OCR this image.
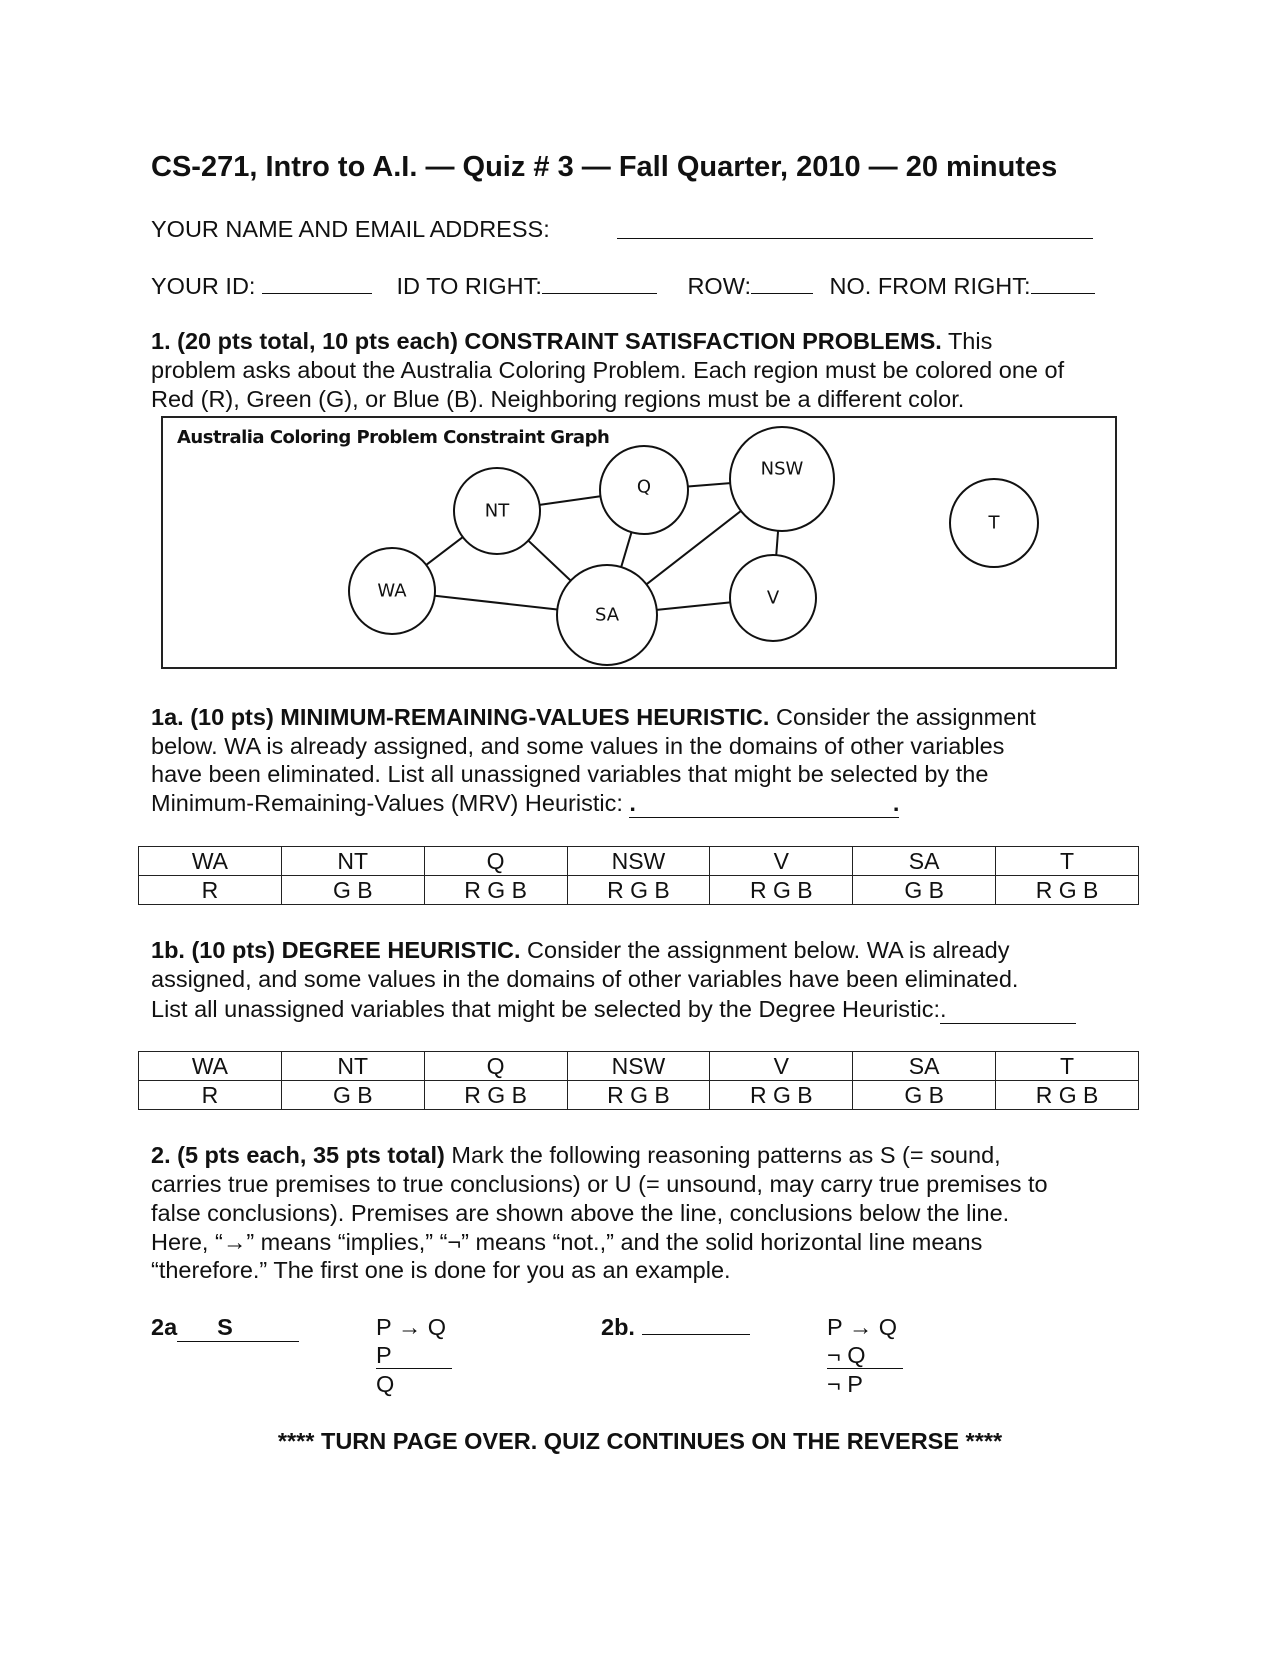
CS-271, Intro to A.I. — Quiz # 3 — Fall Quarter, 2010 — 20 minutes
YOUR NAME AND EMAIL ADDRESS:
YOUR ID:	ID TO RIGHT:	ROW:	NO. FROM RIGHT:
1. (20 pts total, 10 pts each) CONSTRAINT SATISFACTION PROBLEMS. This
problem asks about the Australia Coloring Problem. Each region must be colored one of
Red (R), Green (G), or Blue (B). Neighboring regions must be a different color.
Australia Coloring Problem Constraint Graph
WA
NT
Q
NSW
V
SA
T
1a. (10 pts) MINIMUM-REMAINING-VALUES HEURISTIC. Consider the assignment
below. WA is already assigned, and some values in the domains of other variables
have been eliminated. List all unassigned variables that might be selected by the
Minimum-Remaining-Values (MRV) Heuristic: .	.
WA	NT	Q	NSW	V	SA	T
R	G B	R G B	R G B	R G B	G B	R G B
1b. (10 pts) DEGREE HEURISTIC. Consider the assignment below. WA is already
assigned, and some values in the domains of other variables have been eliminated.
List all unassigned variables that might be selected by the Degree Heuristic:.
WA	NT	Q	NSW	V	SA	T
R	G B	R G B	R G B	R G B	G B	R G B
2. (5 pts each, 35 pts total) Mark the following reasoning patterns as S (= sound,
carries true premises to true conclusions) or U (= unsound, may carry true premises to
false conclusions). Premises are shown above the line, conclusions below the line.
Here, “→” means “implies,” “¬” means “not.,” and the solid horizontal line means
“therefore.” The first one is done for you as an example.
2a S	P → Q
P
Q
2b.	P → Q
¬ Q
¬ P
**** TURN PAGE OVER. QUIZ CONTINUES ON THE REVERSE ****
